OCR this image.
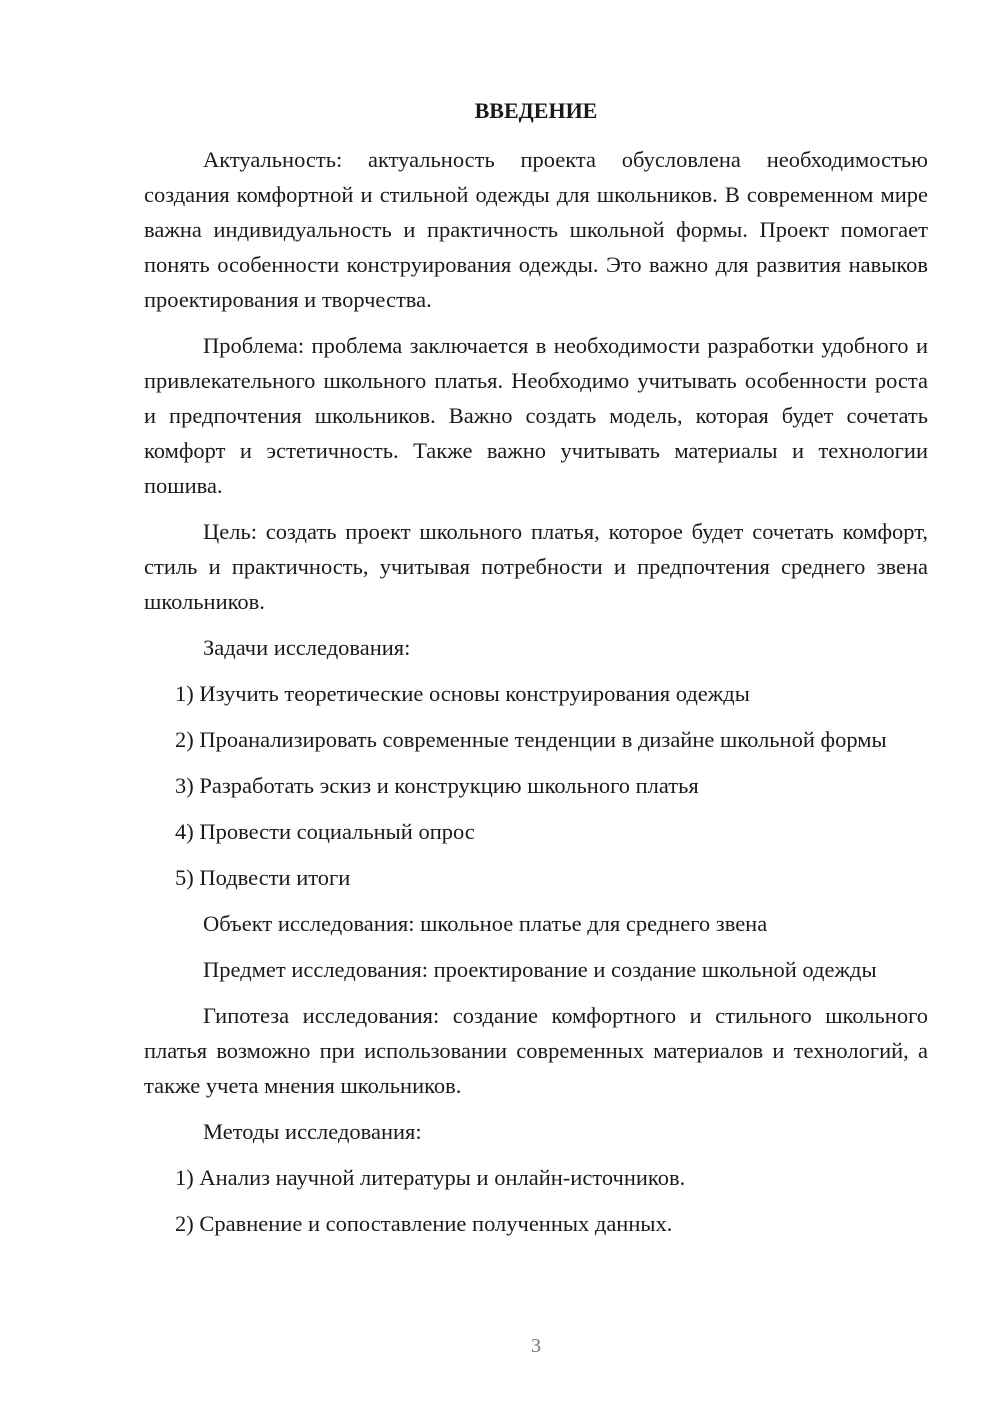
ВВЕДЕНИЕ

Актуальность: актуальность проекта обусловлена необходимостью создания комфортной и стильной одежды для школьников. В современном мире важна индивидуальность и практичность школьной формы. Проект помогает понять особенности конструирования одежды. Это важно для развития навыков проектирования и творчества.

Проблема: проблема заключается в необходимости разработки удобного и привлекательного школьного платья. Необходимо учитывать особенности роста и предпочтения школьников. Важно создать модель, которая будет сочетать комфорт и эстетичность. Также важно учитывать материалы и технологии пошива.

Цель: создать проект школьного платья, которое будет сочетать комфорт, стиль и практичность, учитывая потребности и предпочтения среднего звена школьников.

Задачи исследования:

1) Изучить теоретические основы конструирования одежды

2) Проанализировать современные тенденции в дизайне школьной формы

3) Разработать эскиз и конструкцию школьного платья

4) Провести социальный опрос

5) Подвести итоги

Объект исследования: школьное платье для среднего звена

Предмет исследования: проектирование и создание школьной одежды

Гипотеза исследования: создание комфортного и стильного школьного платья возможно при использовании современных материалов и технологий, а также учета мнения школьников.

Методы исследования:

1) Анализ научной литературы и онлайн-источников.

2) Сравнение и сопоставление полученных данных.

3
